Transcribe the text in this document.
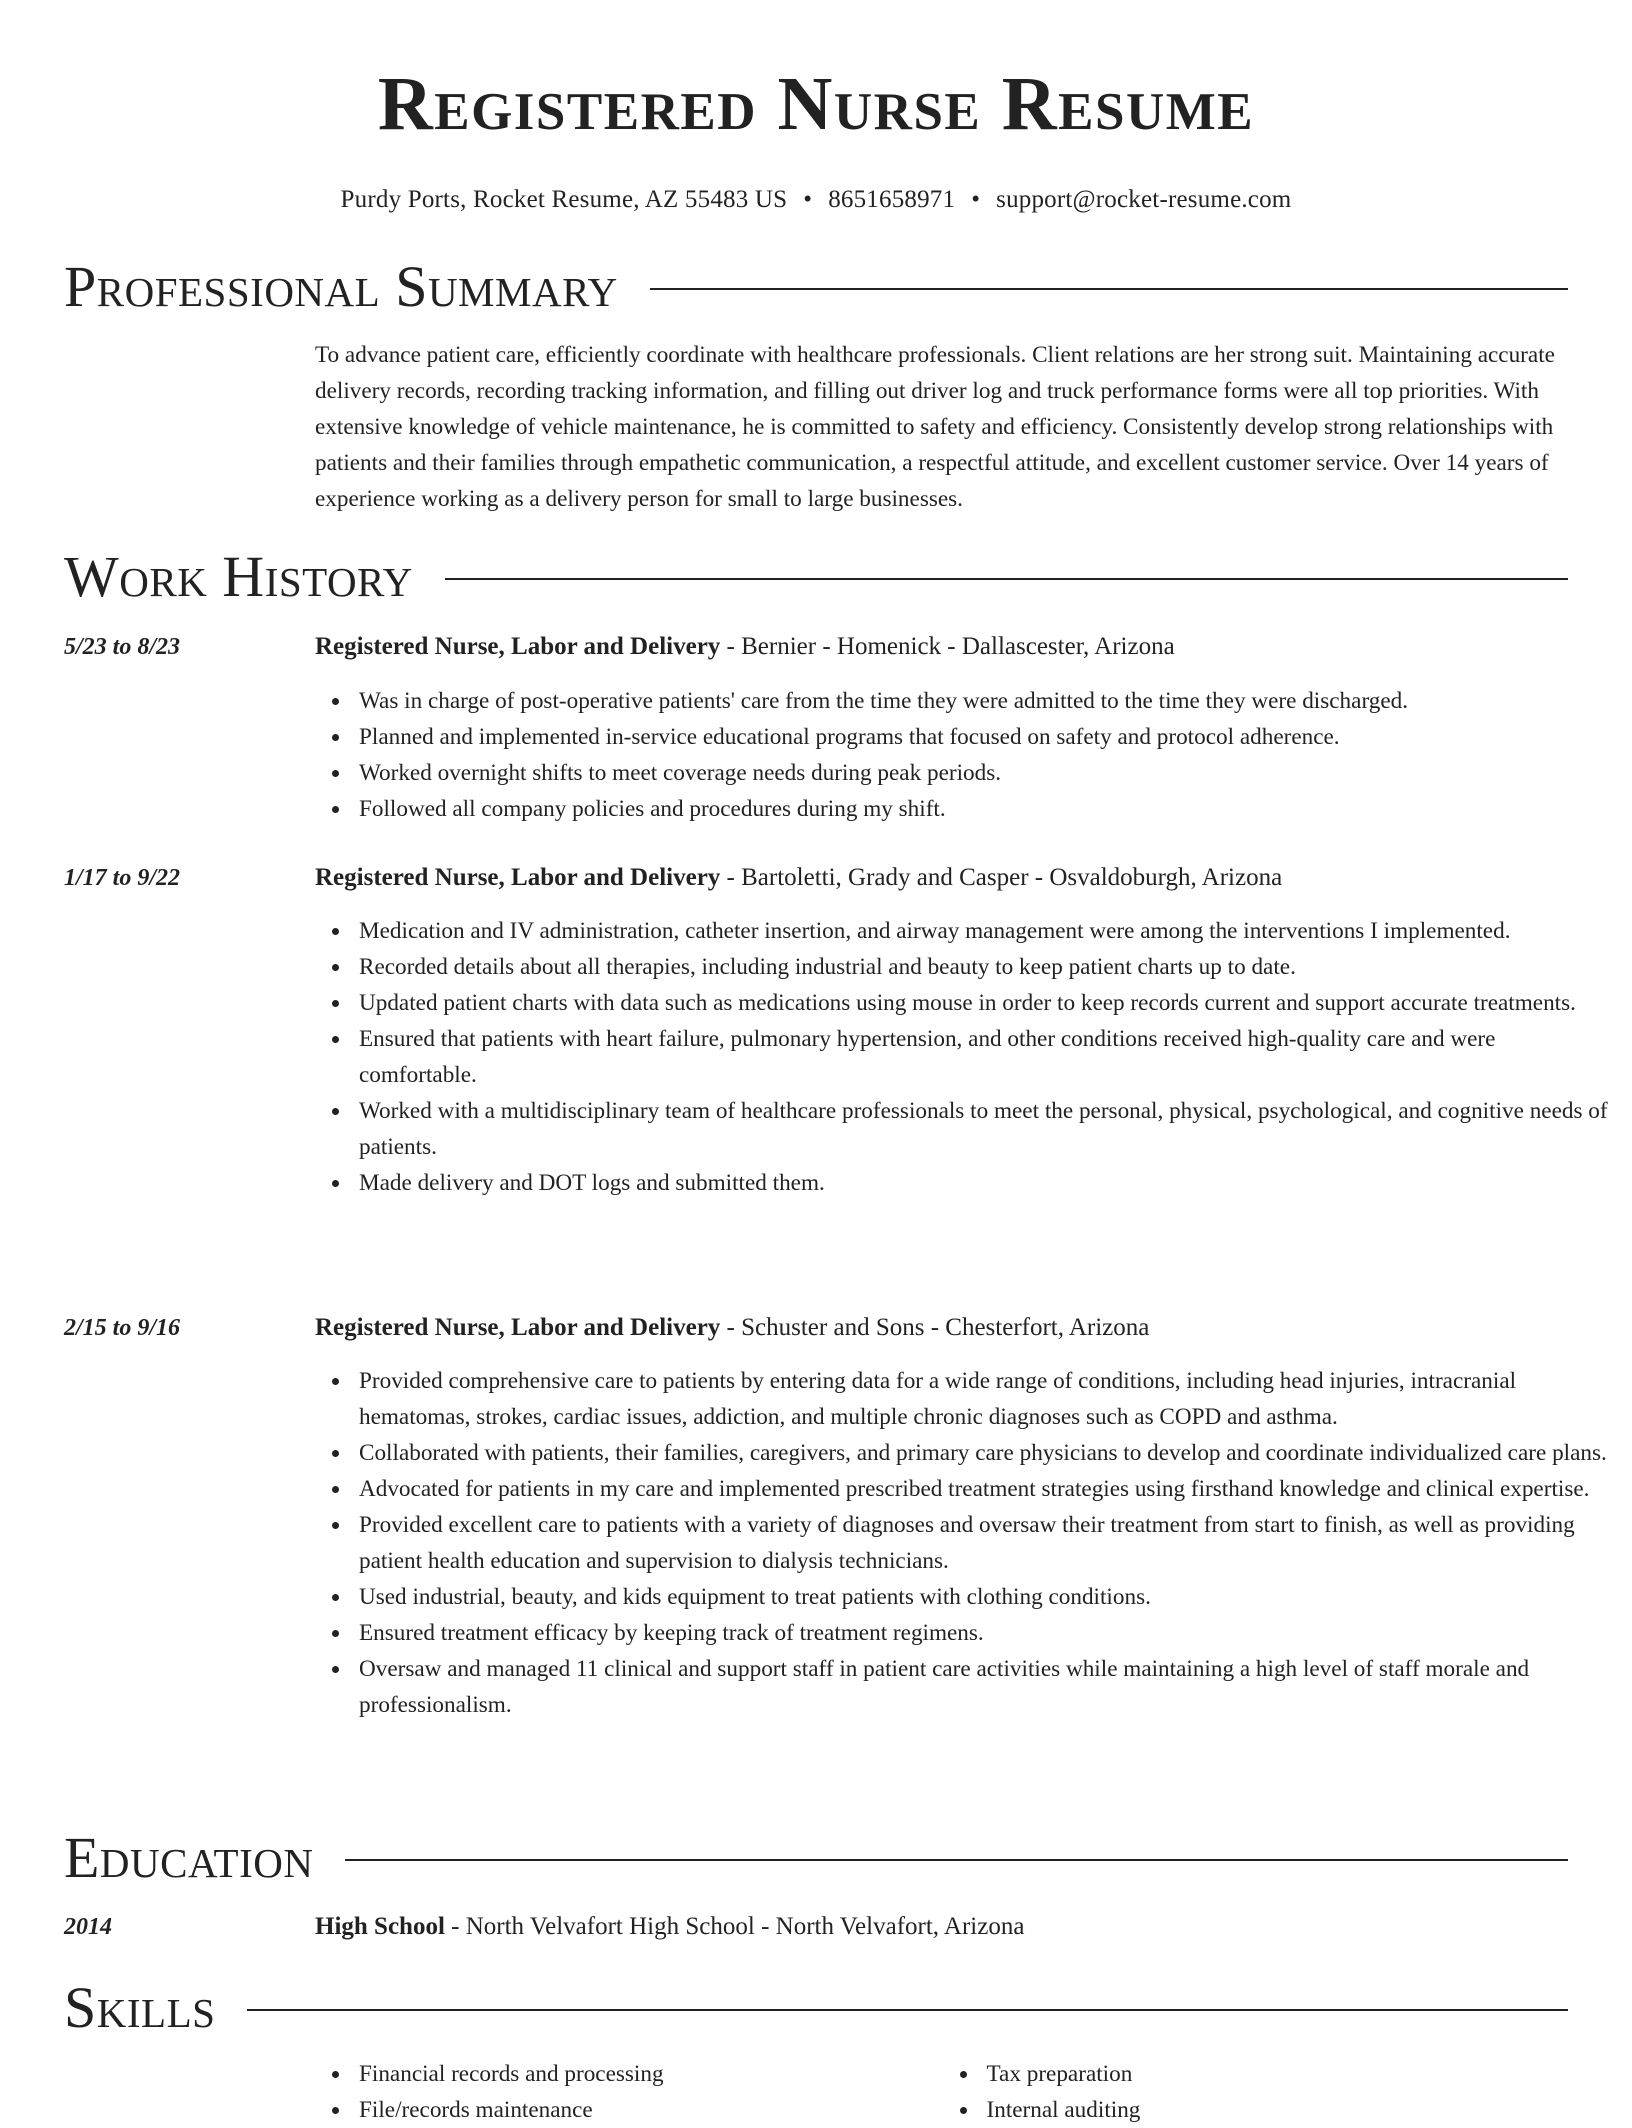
Registered Nurse Resume
Purdy Ports, Rocket Resume, AZ 55483 US • 8651658971 • support@rocket-resume.com
Professional Summary

To advance patient care, efficiently coordinate with healthcare professionals. Client relations are her strong suit. Maintaining accurate delivery records, recording tracking information, and filling out driver log and truck performance forms were all top priorities. With extensive knowledge of vehicle maintenance, he is committed to safety and efficiency. Consistently develop strong relationships with patients and their families through empathetic communication, a respectful attitude, and excellent customer service. Over 14 years of experience working as a delivery person for small to large businesses.

Work History
5/23 to 8/23	Registered Nurse, Labor and Delivery - Bernier - Homenick - Dallascester, Arizona
Was in charge of post-operative patients' care from the time they were admitted to the time they were discharged.
Planned and implemented in-service educational programs that focused on safety and protocol adherence.
Worked overnight shifts to meet coverage needs during peak periods.
Followed all company policies and procedures during my shift.
1/17 to 9/22	Registered Nurse, Labor and Delivery - Bartoletti, Grady and Casper - Osvaldoburgh, Arizona
Medication and IV administration, catheter insertion, and airway management were among the interventions I implemented.
Recorded details about all therapies, including industrial and beauty to keep patient charts up to date.
Updated patient charts with data such as medications using mouse in order to keep records current and support accurate treatments.
Ensured that patients with heart failure, pulmonary hypertension, and other conditions received high-quality care and were comfortable.
Worked with a multidisciplinary team of healthcare professionals to meet the personal, physical, psychological, and cognitive needs of patients.
Made delivery and DOT logs and submitted them.
2/15 to 9/16	Registered Nurse, Labor and Delivery - Schuster and Sons - Chesterfort, Arizona
Provided comprehensive care to patients by entering data for a wide range of conditions, including head injuries, intracranial hematomas, strokes, cardiac issues, addiction, and multiple chronic diagnoses such as COPD and asthma.
Collaborated with patients, their families, caregivers, and primary care physicians to develop and coordinate individualized care plans.
Advocated for patients in my care and implemented prescribed treatment strategies using firsthand knowledge and clinical expertise.
Provided excellent care to patients with a variety of diagnoses and oversaw their treatment from start to finish, as well as providing patient health education and supervision to dialysis technicians.
Used industrial, beauty, and kids equipment to treat patients with clothing conditions.
Ensured treatment efficacy by keeping track of treatment regimens.
Oversaw and managed 11 clinical and support staff in patient care activities while maintaining a high level of staff morale and professionalism.
Education
2014	High School - North Velvafort High School - North Velvafort, Arizona
Skills
Financial records and processing
File/records maintenance
Tax preparation
Internal auditing
